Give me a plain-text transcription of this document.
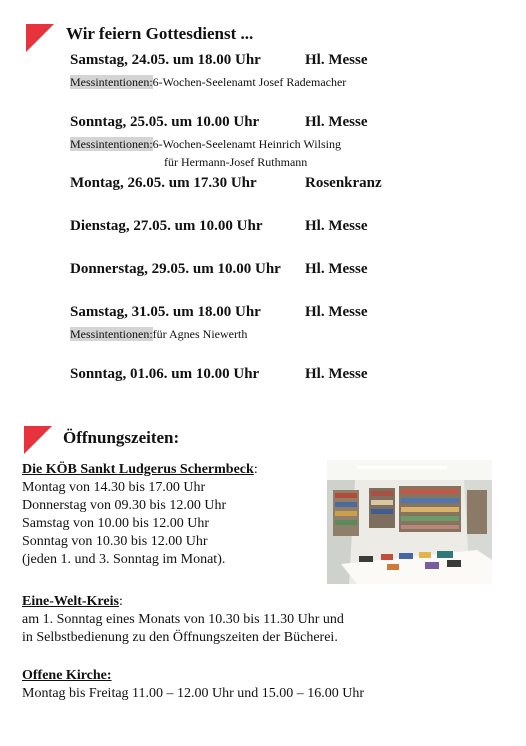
Wir feiern Gottesdienst ...
Samstag, 24.05. um 18.00 Uhr	Hl. Messe
Messintentionen:6-Wochen-Seelenamt Josef Rademacher
Sonntag, 25.05. um 10.00 Uhr	Hl. Messe
Messintentionen:6-Wochen-Seelenamt Heinrich Wilsing
für Hermann-Josef Ruthmann
Montag, 26.05. um 17.30 Uhr	Rosenkranz
Dienstag, 27.05. um 10.00 Uhr	Hl. Messe
Donnerstag, 29.05. um 10.00 Uhr Hl. Messe
Samstag, 31.05. um 18.00 Uhr	Hl. Messe
Messintentionen:für Agnes Niewerth
Sonntag, 01.06. um 10.00 Uhr	Hl. Messe
Öffnungszeiten:
Die KÖB Sankt Ludgerus Schermbeck:
Montag von 14.30 bis 17.00 Uhr
Donnerstag von 09.30 bis 12.00 Uhr
Samstag von 10.00 bis 12.00 Uhr
Sonntag von 10.30 bis 12.00 Uhr
(jeden 1. und 3. Sonntag im Monat).
Eine-Welt-Kreis:
am 1. Sonntag eines Monats von 10.30 bis 11.30 Uhr und
in Selbstbedienung zu den Öffnungszeiten der Bücherei.
Offene Kirche:
Montag bis Freitag 11.00 – 12.00 Uhr und 15.00 – 16.00 Uhr
